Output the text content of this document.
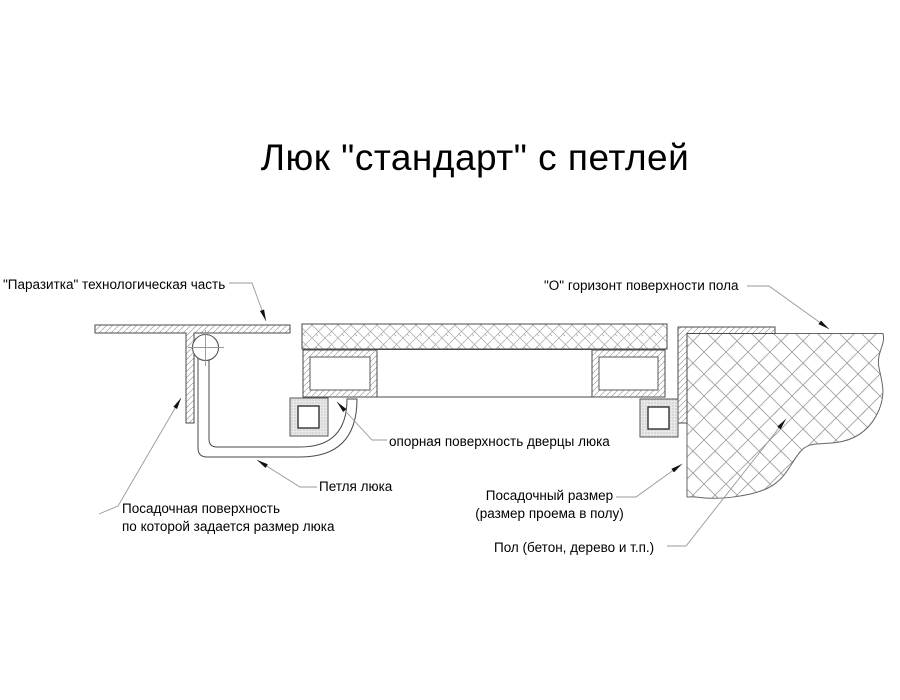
Люк "стандарт" с петлей
"Паразитка" технологическая часть	"О" горизонт поверхности пола
опорная поверхность дверцы люка
Петля люка
Посадочная поверхность
по которой задается размер люка
Посадочный размер
(размер проема в полу)
Пол (бетон, дерево и т.п.)
